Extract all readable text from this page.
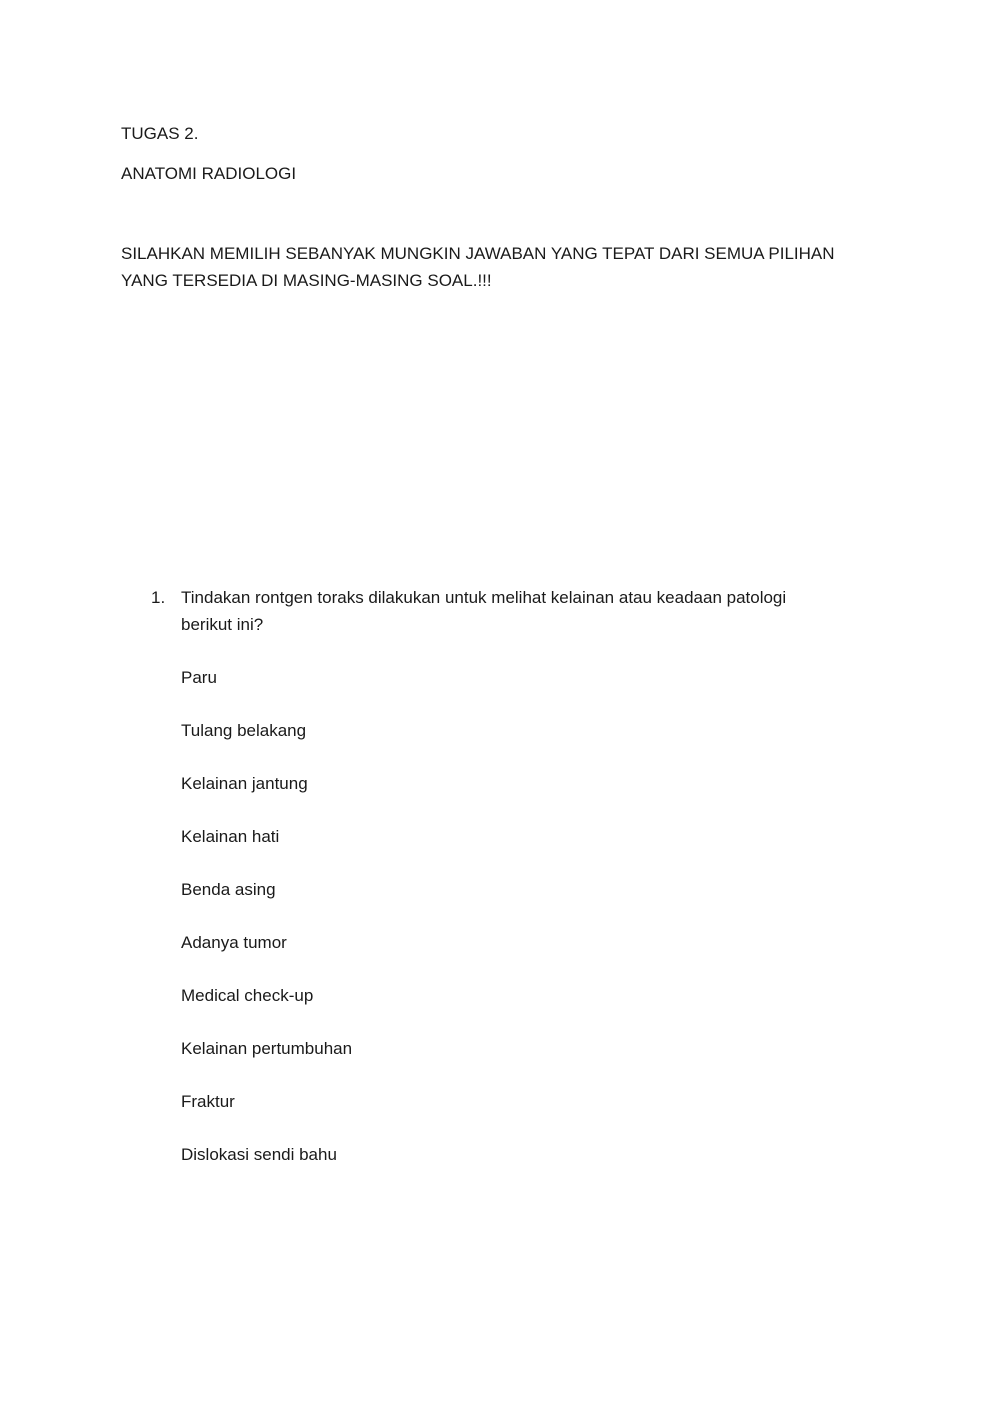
TUGAS 2.
ANATOMI RADIOLOGI
SILAHKAN MEMILIH SEBANYAK MUNGKIN JAWABAN YANG TEPAT DARI SEMUA PILIHAN
YANG TERSEDIA DI MASING-MASING SOAL.!!!
1. Tindakan rontgen toraks dilakukan untuk melihat kelainan atau keadaan patologi
berikut ini?
Paru
Tulang belakang
Kelainan jantung
Kelainan hati
Benda asing
Adanya tumor
Medical check-up
Kelainan pertumbuhan
Fraktur
Dislokasi sendi bahu
